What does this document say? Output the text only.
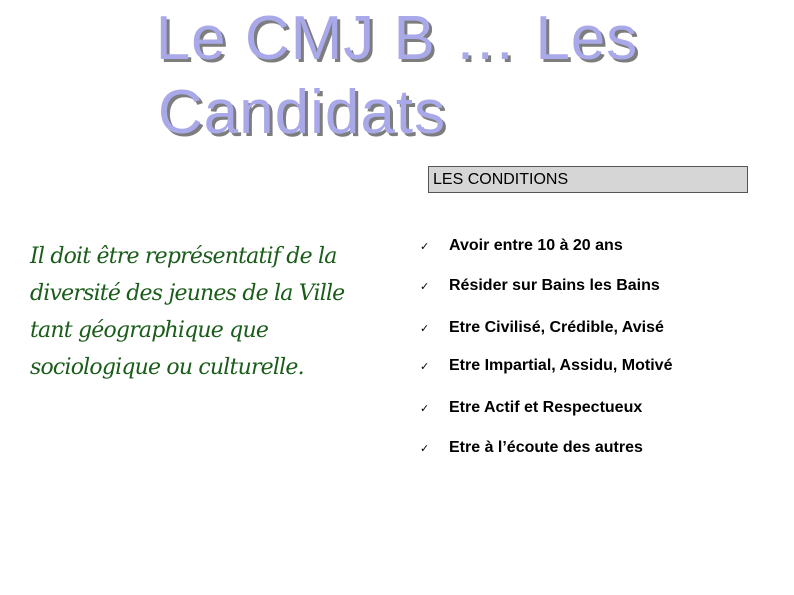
Le CMJ B … Les
Candidats
LES CONDITIONS
Il doit être représentatif de la diversité des jeunes de la Ville tant géographique que sociologique ou culturelle.
✓ Avoir entre 10 à 20 ans
✓ Résider sur Bains les Bains
✓ Etre Civilisé, Crédible, Avisé
✓ Etre Impartial, Assidu, Motivé
✓ Etre Actif et Respectueux
✓ Etre à l’écoute des autres
